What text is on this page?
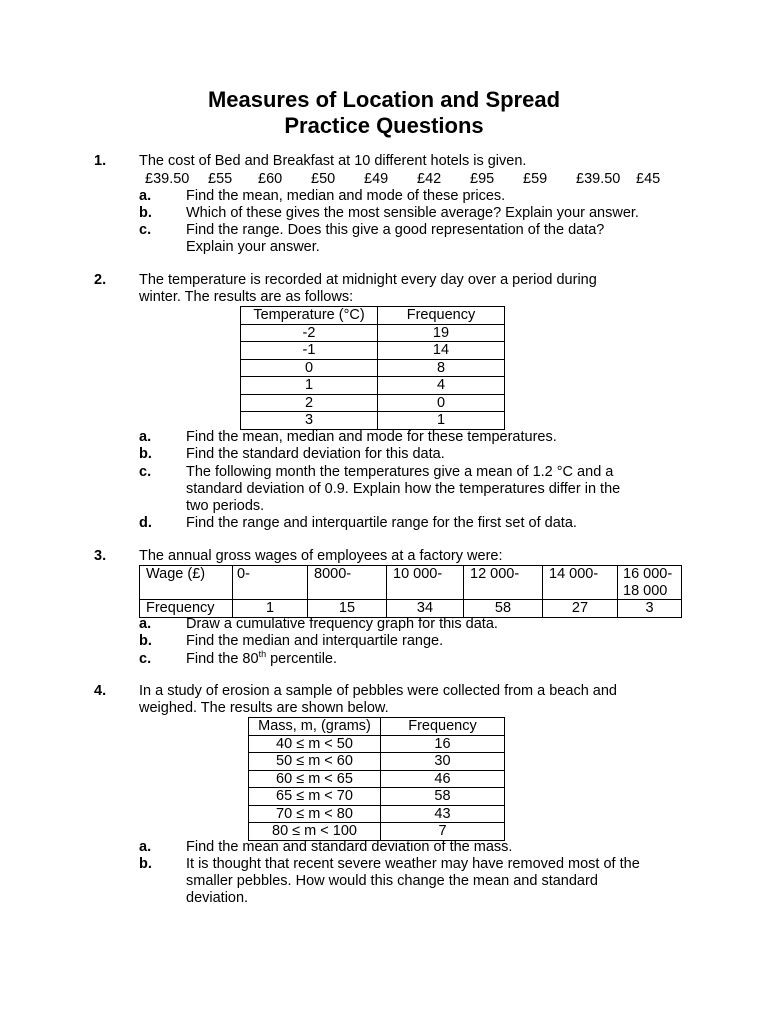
Measures of Location and Spread
Practice Questions
1. The cost of Bed and Breakfast at 10 different hotels is given.
£39.50 £55 £60 £50 £49 £42 £95 £59 £39.50 £45
a. Find the mean, median and mode of these prices.
b. Which of these gives the most sensible average? Explain your answer.
c. Find the range. Does this give a good representation of the data?
Explain your answer.
2. The temperature is recorded at midnight every day over a period during
winter. The results are as follows:
Temperature (°C)	Frequency
-2	19
-1	14
0	8
1	4
2	0
3	1
a. Find the mean, median and mode for these temperatures.
b. Find the standard deviation for this data.
c. The following month the temperatures give a mean of 1.2 °C and a
standard deviation of 0.9. Explain how the temperatures differ in the
two periods.
d. Find the range and interquartile range for the first set of data.
3. The annual gross wages of employees at a factory were:
Wage (£)	0-	8000-	10 000-	12 000-	14 000-	16 000-
18 000

Frequency	1	15	34	58	27	3
a. Draw a cumulative frequency graph for this data.
b. Find the median and interquartile range.
c. Find the 80th percentile.
4. In a study of erosion a sample of pebbles were collected from a beach and
weighed. The results are shown below.
Mass, m, (grams)	Frequency
40 ≤ m < 50	16
50 ≤ m < 60	30
60 ≤ m < 65	46
65 ≤ m < 70	58
70 ≤ m < 80	43
80 ≤ m < 100	7
a. Find the mean and standard deviation of the mass.
b. It is thought that recent severe weather may have removed most of the
smaller pebbles. How would this change the mean and standard
deviation.
